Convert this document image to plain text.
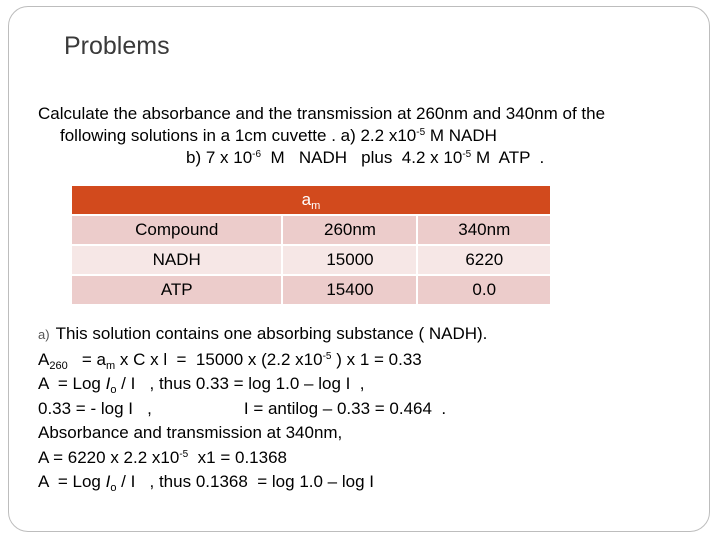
Problems
Calculate the absorbance and the transmission at 260nm and 340nm of the
following solutions in a 1cm cuvette . a) 2.2 $x10^{-5}$ M NADH
b) 7 x $10^{-6}$  M   NADH   plus  4.2 x $10^{-5}$ M  ATP  .
$a_m$
Compound	260nm	340nm
NADH	15000	6220
ATP	15400	0.0
a) This solution contains one absorbing substance ( NADH).
$A_{260} = a_m$ x C x l  =  15000 x (2.2 $x10^{-5}$ ) x 1 = 0.33
A  = Log $I_o$ / I   , thus 0.33 = log 1.0 – log I  ,
0.33 = - log I   ,	I = antilog – 0.33 = 0.464  .
Absorbance and transmission at 340nm,
A = 6220 x 2.2 $x10^{-5}$  x1 = 0.1368
A  = Log $I_o$ / I   , thus 0.1368  = log 1.0 – log I
